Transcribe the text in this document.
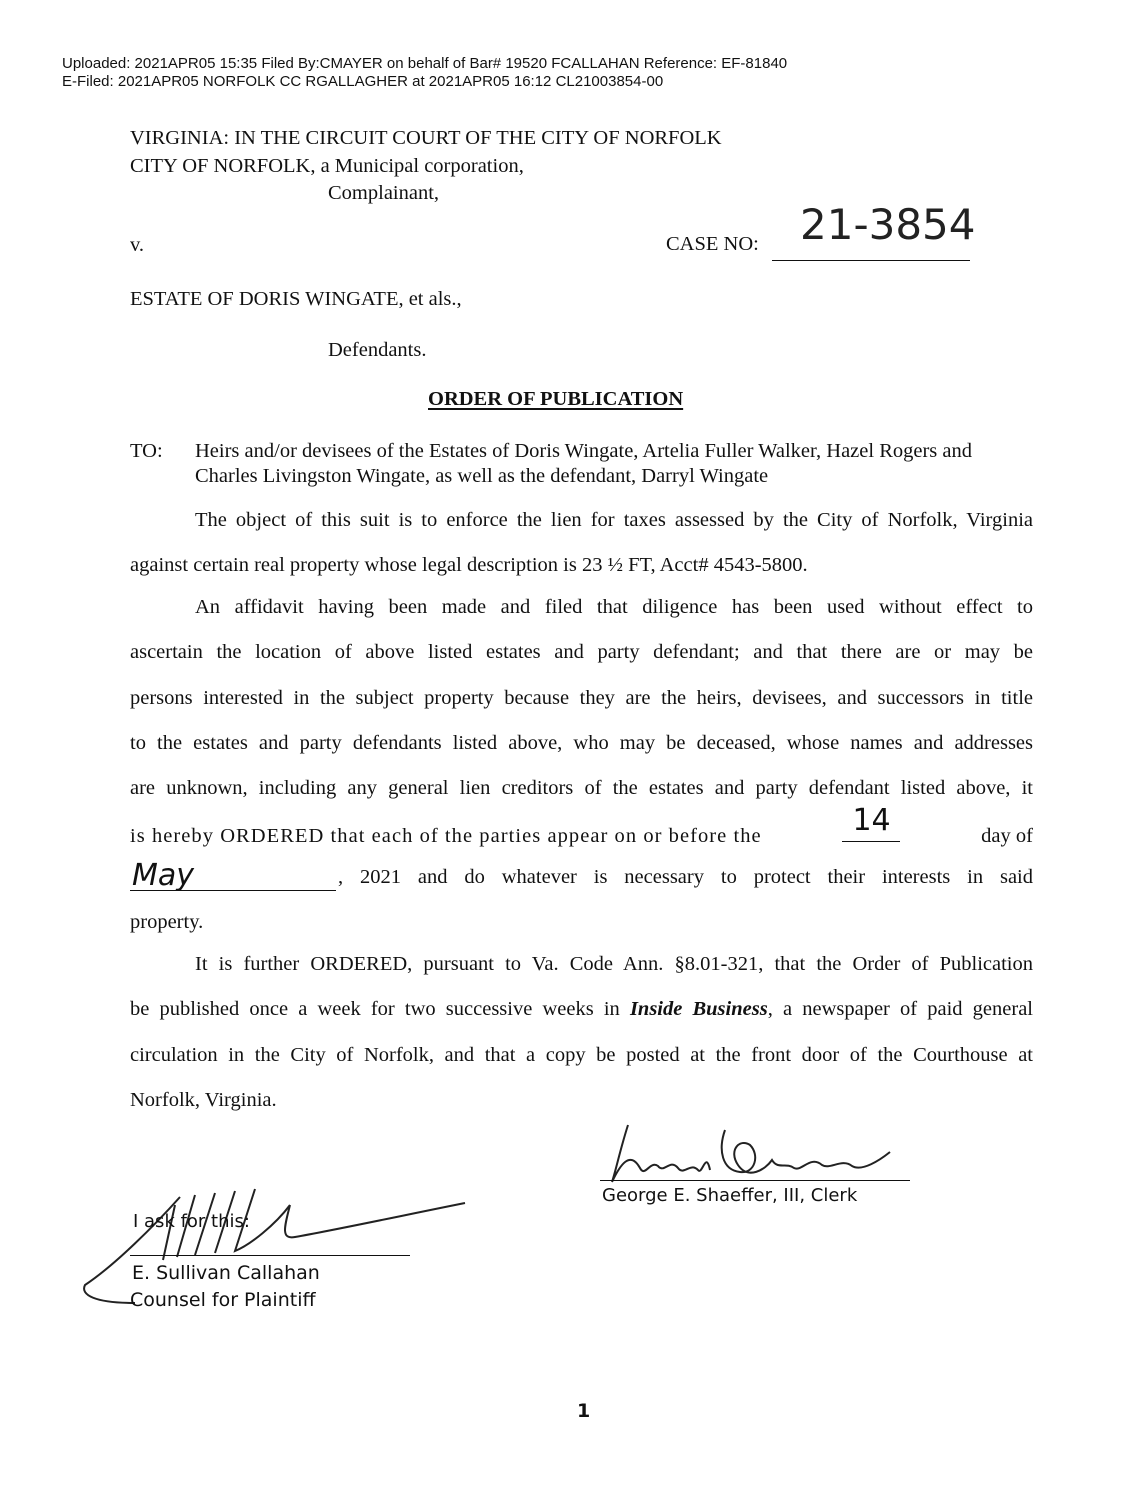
Uploaded: 2021APR05 15:35 Filed By:CMAYER on behalf of Bar# 19520 FCALLAHAN Reference: EF-81840
E-Filed: 2021APR05 NORFOLK CC RGALLAGHER at 2021APR05 16:12 CL21003854-00
VIRGINIA: IN THE CIRCUIT COURT OF THE CITY OF NORFOLK
CITY OF NORFOLK, a Municipal corporation,
Complainant,
v.	CASE NO: 21-3854
ESTATE OF DORIS WINGATE, et als.,
Defendants.
ORDER OF PUBLICATION
TO: Heirs and/or devisees of the Estates of Doris Wingate, Artelia Fuller Walker, Hazel Rogers and
Charles Livingston Wingate, as well as the defendant, Darryl Wingate
The object of this suit is to enforce the lien for taxes assessed by the City of Norfolk, Virginia
against certain real property whose legal description is 23 ½ FT, Acct# 4543-5800.
An affidavit having been made and filed that diligence has been used without effect to
ascertain the location of above listed estates and party defendant; and that there are or may be
persons interested in the subject property because they are the heirs, devisees, and successors in title
to the estates and party defendants listed above, who may be deceased, whose names and addresses
are unknown, including any general lien creditors of the estates and party defendant listed above, it
is hereby ORDERED that each of the parties appear on or before the	14	day of
May	, 2021 and do whatever is necessary to protect their interests in said
property.
It is further ORDERED, pursuant to Va. Code Ann. §8.01-321, that the Order of Publication
be published once a week for two successive weeks in Inside Business, a newspaper of paid general
circulation in the City of Norfolk, and that a copy be posted at the front door of the Courthouse at
Norfolk, Virginia.
George E. Shaeffer, III, Clerk
I ask for this:
E. Sullivan Callahan
Counsel for Plaintiff
1
